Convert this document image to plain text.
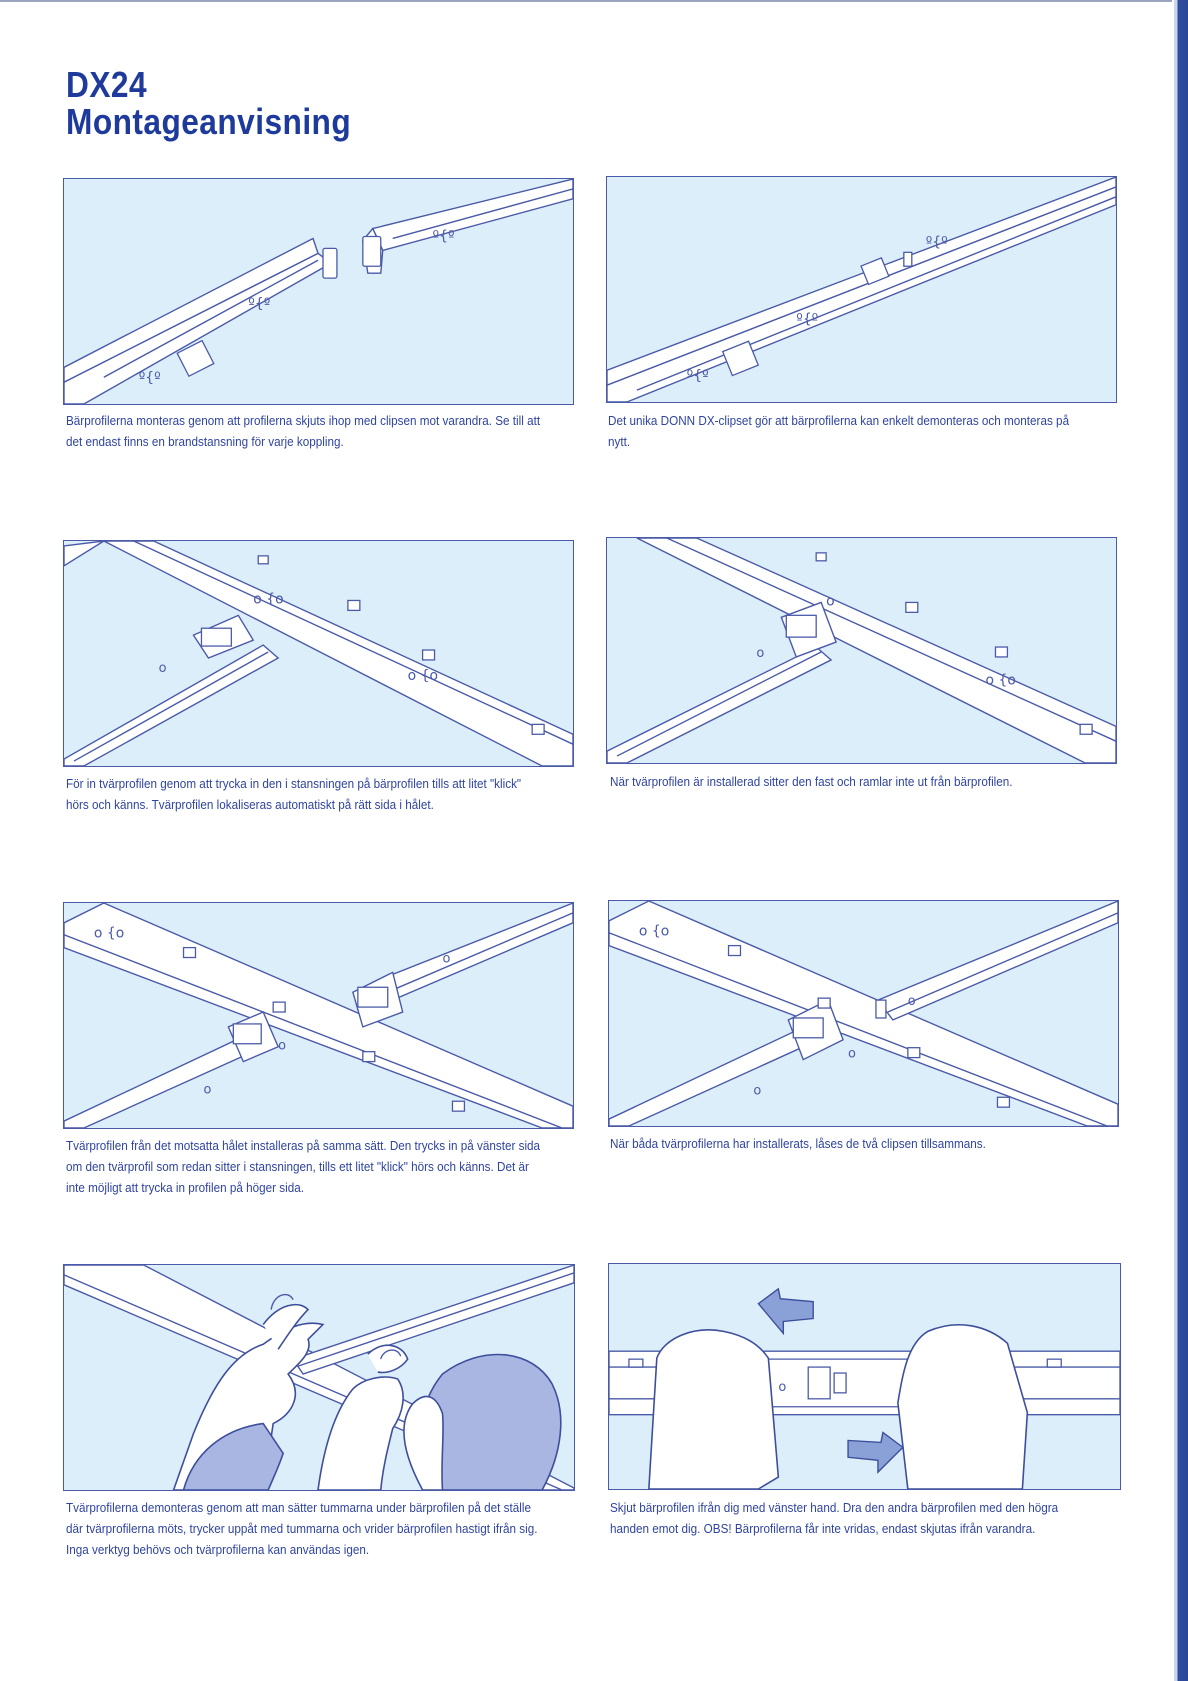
DX24
Montageanvisning
º{º
º{º
º{º
Bärprofilerna monteras genom att profilerna skjuts ihop med clipsen mot varandra. Se till att det endast finns en brandstansning för varje koppling.
º{º
º{º
º{º
Det unika DONN DX-clipset gör att bärprofilerna kan enkelt demonteras och monteras på nytt.
o
o {o
o {o
För in tvärprofilen genom att trycka in den i stansningen på bärprofilen tills att litet "klick" hörs och känns. Tvärprofilen lokaliseras automatiskt på rätt sida i hålet.
o
o
o {o
När tvärprofilen är installerad sitter den fast och ramlar inte ut från bärprofilen.
o {o
o
o
o
Tvärprofilen från det motsatta hålet installeras på samma sätt. Den trycks in på vänster sida om den tvärprofil som redan sitter i stansningen, tills ett litet "klick" hörs och känns. Det är inte möjligt att trycka in profilen på höger sida.
o {o
o
o
o
När båda tvärprofilerna har installerats, låses de två clipsen tillsammans.
Tvärprofilerna demonteras genom att man sätter tummarna under bärprofilen på det ställe där tvärprofilerna möts, trycker uppåt med tummarna och vrider bärprofilen hastigt ifrån sig. Inga verktyg behövs och tvärprofilerna kan användas igen.
o
Skjut bärprofilen ifrån dig med vänster hand. Dra den andra bärprofilen med den högra handen emot dig. OBS! Bärprofilerna får inte vridas, endast skjutas ifrån varandra.
